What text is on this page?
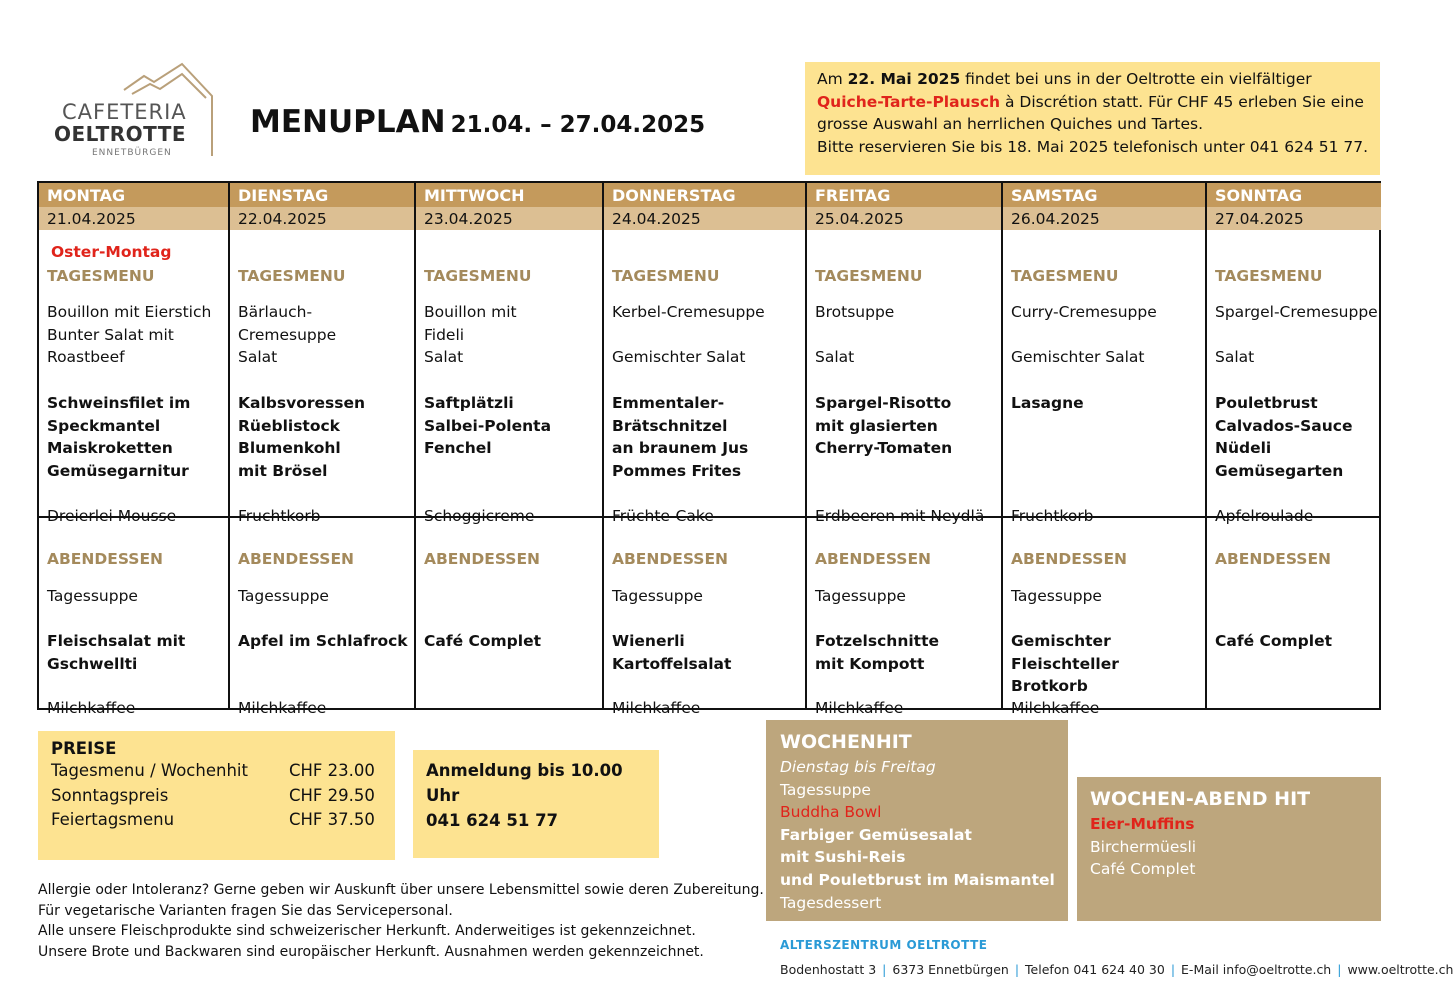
CAFETERIA
OELTROTTE
ENNETBÜRGEN
MENUPLAN 21.04. – 27.04.2025
Am 22. Mai 2025 findet bei uns in der Oeltrotte ein vielfältiger
Quiche-Tarte-Plausch à Discrétion statt. Für CHF 45 erleben Sie eine
grosse Auswahl an herrlichen Quiches und Tartes.
Bitte reservieren Sie bis 18. Mai 2025 telefonisch unter 041 624 51 77.
MONTAG
21.04.2025
Oster-Montag
TAGESMENU
Bouillon mit Eierstich
Bunter Salat mit
Roastbeef
Schweinsfilet im
Speckmantel
Maiskroketten
Gemüsegarnitur
Dreierlei Mousse
ABENDESSEN
Tagessuppe
Fleischsalat mit
Gschwellti
Milchkaffee
DIENSTAG
22.04.2025
TAGESMENU
Bärlauch-
Cremesuppe
Salat
Kalbsvoressen
Rüeblistock
Blumenkohl
mit Brösel
Fruchtkorb
ABENDESSEN
Tagessuppe
Apfel im Schlafrock
Milchkaffee
MITTWOCH
23.04.2025
TAGESMENU
Bouillon mit
Fideli
Salat
Saftplätzli
Salbei-Polenta
Fenchel
Schoggicreme
ABENDESSEN
Café Complet
DONNERSTAG
24.04.2025
TAGESMENU
Kerbel-Cremesuppe
Gemischter Salat
Emmentaler-
Brätschnitzel
an braunem Jus
Pommes Frites
Früchte-Cake
ABENDESSEN
Tagessuppe
Wienerli
Kartoffelsalat
Milchkaffee
FREITAG
25.04.2025
TAGESMENU
Brotsuppe
Salat
Spargel-Risotto
mit glasierten
Cherry-Tomaten
Erdbeeren mit Neydlä
ABENDESSEN
Tagessuppe
Fotzelschnitte
mit Kompott
Milchkaffee
SAMSTAG
26.04.2025
TAGESMENU
Curry-Cremesuppe
Gemischter Salat
Lasagne
Fruchtkorb
ABENDESSEN
Tagessuppe
Gemischter
Fleischteller
Brotkorb
Milchkaffee
SONNTAG
27.04.2025
TAGESMENU
Spargel-Cremesuppe
Salat
Pouletbrust
Calvados-Sauce
Nüdeli
Gemüsegarten
Apfelroulade
ABENDESSEN
Café Complet
PREISE
Tagesmenu / Wochenhit CHF 23.00
Sonntagspreis	CHF 29.50
Feiertagsmenu	CHF 37.50
Anmeldung bis 10.00 Uhr
041 624 51 77
Allergie oder Intoleranz? Gerne geben wir Auskunft über unsere Lebensmittel sowie deren Zubereitung.
Für vegetarische Varianten fragen Sie das Servicepersonal.
Alle unsere Fleischprodukte sind schweizerischer Herkunft. Anderweitiges ist gekennzeichnet.
Unsere Brote und Backwaren sind europäischer Herkunft. Ausnahmen werden gekennzeichnet.
WOCHENHIT
Dienstag bis Freitag
Tagessuppe
Buddha Bowl
Farbiger Gemüsesalat
mit Sushi-Reis
und Pouletbrust im Maismantel
Tagesdessert
WOCHEN-ABEND HIT
Eier-Muffins
Birchermüesli
Café Complet
ALTERSZENTRUM OELTROTTE
Bodenhostatt 3 | 6373 Ennetbürgen | Telefon 041 624 40 30 | E-Mail info@oeltrotte.ch | www.oeltrotte.ch
